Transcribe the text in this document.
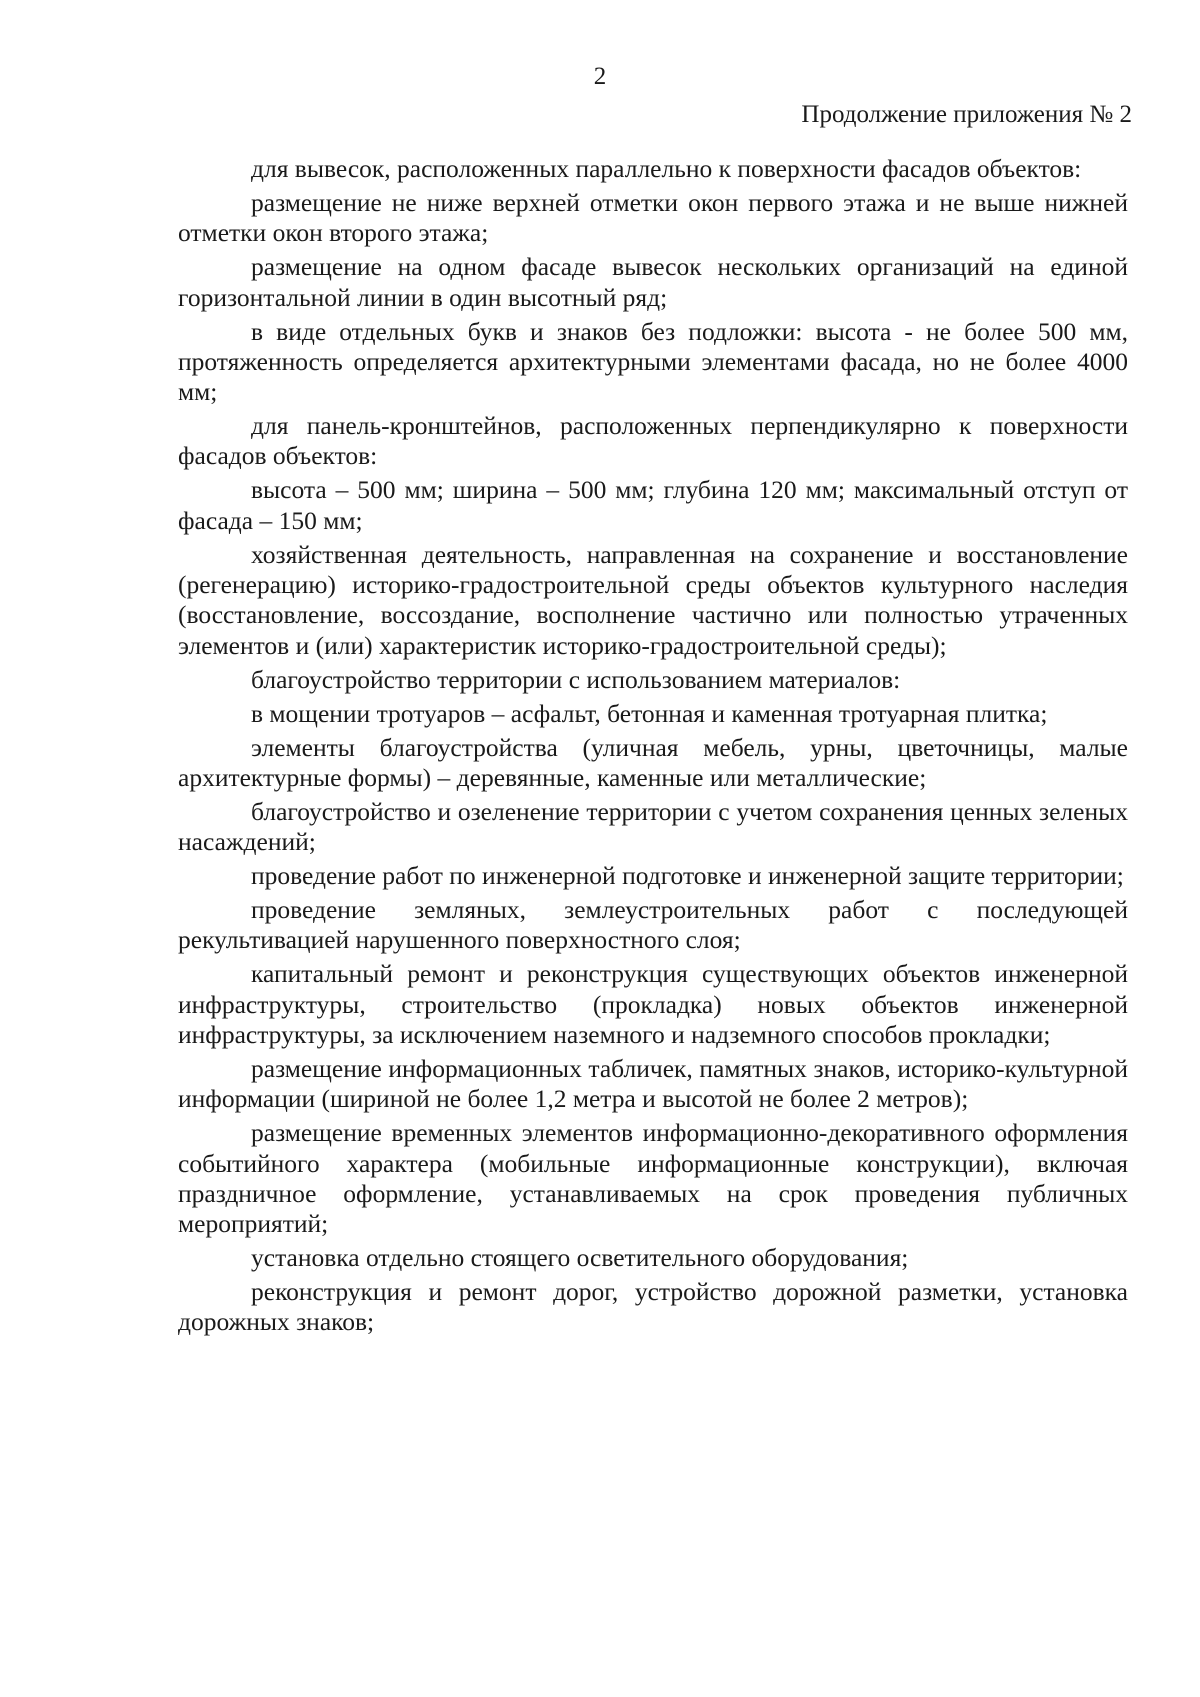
2
Продолжение приложения № 2

для вывесок, расположенных параллельно к поверхности фасадов объектов:

размещение не ниже верхней отметки окон первого этажа и не выше нижней отметки окон второго этажа;

размещение на одном фасаде вывесок нескольких организаций на единой горизонтальной линии в один высотный ряд;

в виде отдельных букв и знаков без подложки: высота - не более 500 мм, протяженность определяется архитектурными элементами фасада, но не более 4000 мм;

для панель-кронштейнов, расположенных перпендикулярно к поверхности фасадов объектов:

высота – 500 мм; ширина – 500 мм; глубина 120 мм; максимальный отступ от фасада – 150 мм;

хозяйственная деятельность, направленная на сохранение и восстановление (регенерацию) историко-градостроительной среды объектов культурного наследия (восстановление, воссоздание, восполнение частично или полностью утраченных элементов и (или) характеристик историко-градостроительной среды);

благоустройство территории с использованием материалов:

в мощении тротуаров – асфальт, бетонная и каменная тротуарная плитка;

элементы благоустройства (уличная мебель, урны, цветочницы, малые архитектурные формы) – деревянные, каменные или металлические;

благоустройство и озеленение территории с учетом сохранения ценных зеленых насаждений;

проведение работ по инженерной подготовке и инженерной защите территории;

проведение земляных, землеустроительных работ с последующей рекультивацией нарушенного поверхностного слоя;

капитальный ремонт и реконструкция существующих объектов инженерной инфраструктуры, строительство (прокладка) новых объектов инженерной инфраструктуры, за исключением наземного и надземного способов прокладки;

размещение информационных табличек, памятных знаков, историко-культурной информации (шириной не более 1,2 метра и высотой не более 2 метров);

размещение временных элементов информационно-декоративного оформления событийного характера (мобильные информационные конструкции), включая праздничное оформление, устанавливаемых на срок проведения публичных мероприятий;

установка отдельно стоящего осветительного оборудования;

реконструкция и ремонт дорог, устройство дорожной разметки, установка дорожных знаков;
